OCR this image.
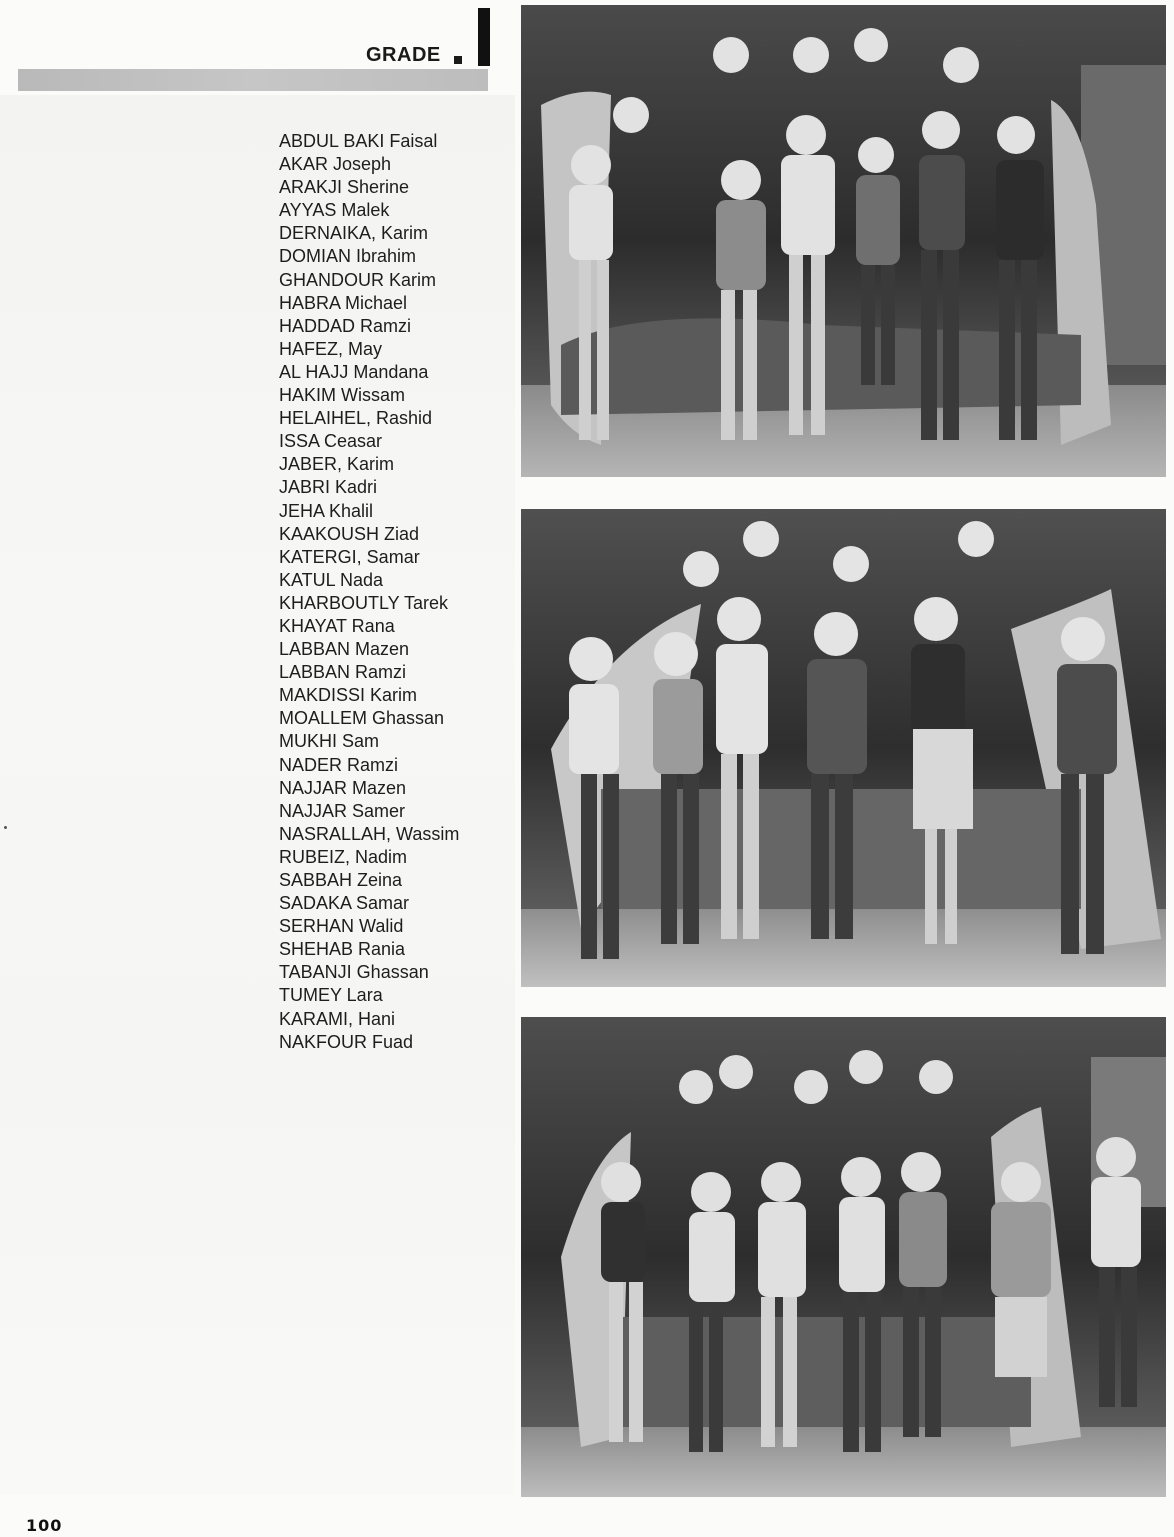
GRADE
ABDUL BAKI Faisal
AKAR Joseph
ARAKJI Sherine
AYYAS Malek
DERNAIKA, Karim
DOMIAN Ibrahim
GHANDOUR Karim
HABRA Michael
HADDAD Ramzi
HAFEZ, May
AL HAJJ Mandana
HAKIM Wissam
HELAIHEL, Rashid
ISSA Ceasar
JABER, Karim
JABRI Kadri
JEHA Khalil
KAAKOUSH Ziad
KATERGI, Samar
KATUL Nada
KHARBOUTLY Tarek
KHAYAT Rana
LABBAN Mazen
LABBAN Ramzi
MAKDISSI Karim
MOALLEM Ghassan
MUKHI Sam
NADER Ramzi
NAJJAR Mazen
NAJJAR Samer
NASRALLAH, Wassim
RUBEIZ, Nadim
SABBAH Zeina
SADAKA Samar
SERHAN Walid
SHEHAB Rania
TABANJI Ghassan
TUMEY Lara
KARAMI, Hani
NAKFOUR Fuad
100
